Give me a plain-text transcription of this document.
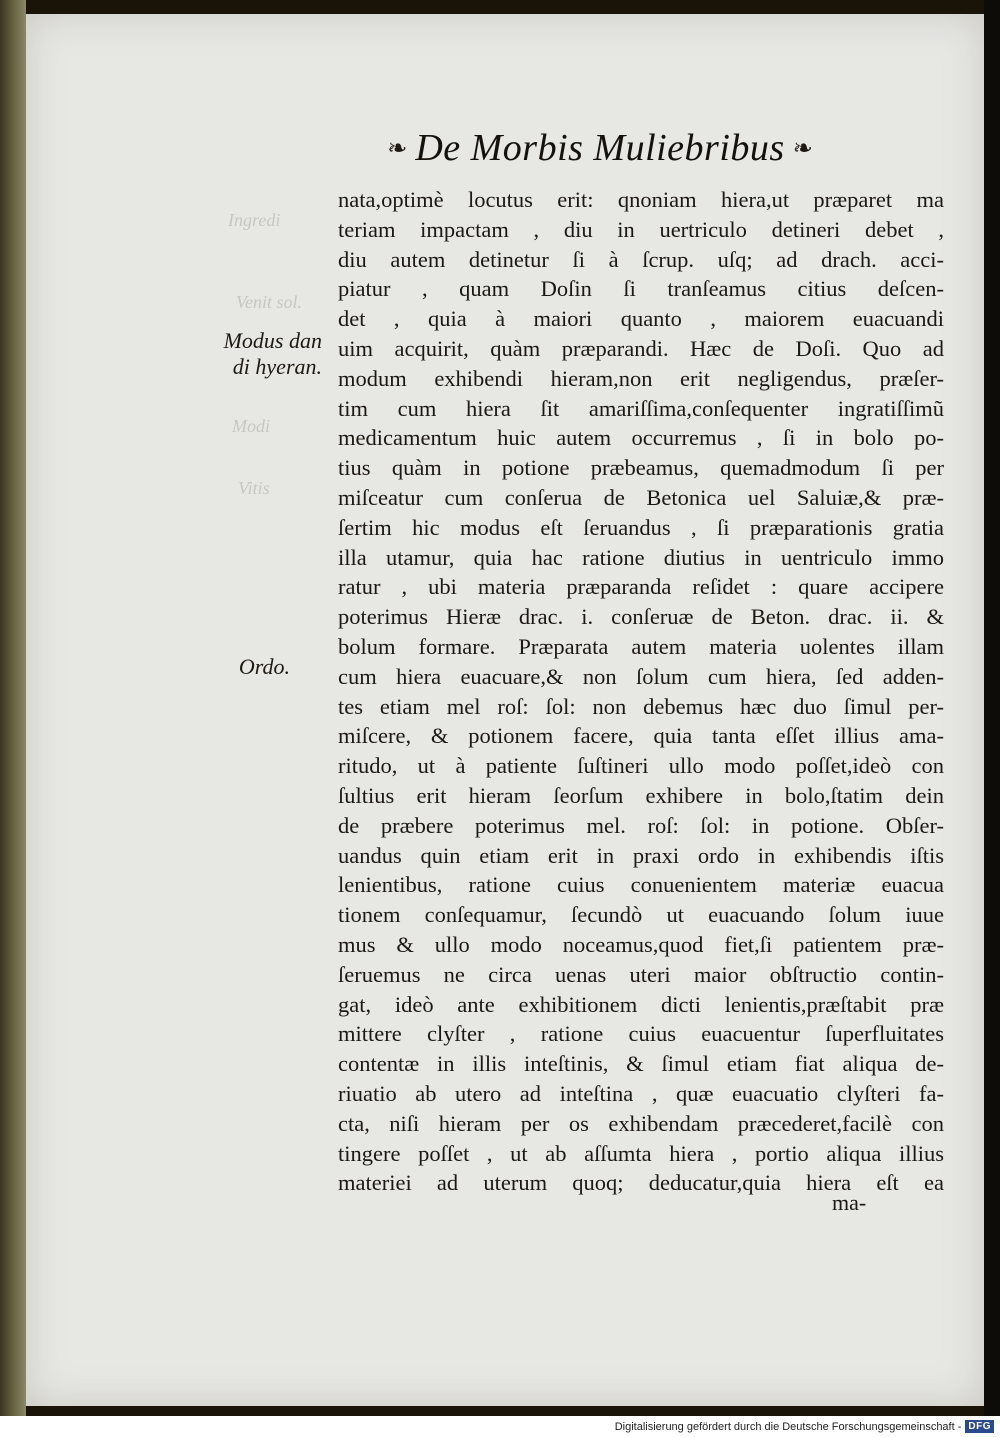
Ingredi
Venit sol.
Modi
Vitis
❧ De Morbis Muliebribus ❧
Modus dan
di hyeran.
Ordo.
nata,optimè locutus erit: qnoniam hiera,ut præparet ma
teriam impactam , diu in uertriculo detineri debet ,
diu autem detinetur ſi à ſcrup. uſq; ad drach. acci-
piatur , quam Doſin ſi tranſeamus citius deſcen-
det , quia à maiori quanto , maiorem euacuandi
uim acquirit, quàm præparandi. Hæc de Doſi. Quo ad
modum exhibendi hieram,non erit negligendus, præſer-
tim cum hiera ſit amariſſima,conſequenter ingratiſſimũ
medicamentum huic autem occurremus , ſi in bolo po-
tius quàm in potione præbeamus, quemadmodum ſi per
miſceatur cum conſerua de Betonica uel Saluiæ,& præ-
ſertim hic modus eſt ſeruandus , ſi præparationis gratia
illa utamur, quia hac ratione diutius in uentriculo immo
ratur , ubi materia præparanda reſidet : quare accipere
poterimus Hieræ drac. i. conſeruæ de Beton. drac. ii. &
bolum formare. Præparata autem materia uolentes illam
cum hiera euacuare,& non ſolum cum hiera, ſed adden-
tes etiam mel roſ: ſol: non debemus hæc duo ſimul per-
miſcere, & potionem facere, quia tanta eſſet illius ama-
ritudo, ut à patiente ſuſtineri ullo modo poſſet,ideò con
ſultius erit hieram ſeorſum exhibere in bolo,ſtatim dein
de præbere poterimus mel. roſ: ſol: in potione. Obſer-
uandus quin etiam erit in praxi ordo in exhibendis iſtis
lenientibus, ratione cuius conuenientem materiæ euacua
tionem conſequamur, ſecundò ut euacuando ſolum iuue
mus & ullo modo noceamus,quod fiet,ſi patientem præ-
ſeruemus ne circa uenas uteri maior obſtructio contin-
gat, ideò ante exhibitionem dicti lenientis,præſtabit præ
mittere clyſter , ratione cuius euacuentur ſuperfluitates
contentæ in illis inteſtinis, & ſimul etiam fiat aliqua de-
riuatio ab utero ad inteſtina , quæ euacuatio clyſteri fa-
cta, niſi hieram per os exhibendam præcederet,facilè con
tingere poſſet , ut ab aſſumta hiera , portio aliqua illius
materiei ad uterum quoq; deducatur,quia hiera eſt ea
ma-
Digitalisierung gefördert durch die Deutsche Forschungsgemeinschaft - DFG
